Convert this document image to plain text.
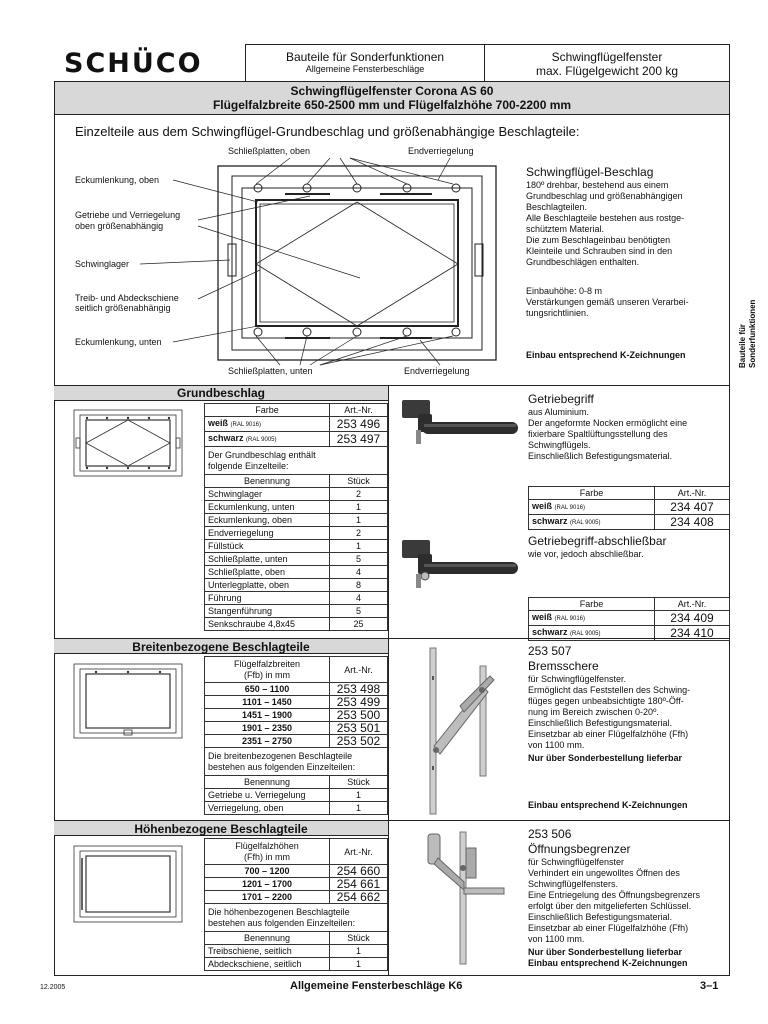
SCHÜCO	Bauteile für Sonderfunktionen
Allgemeine Fensterbeschläge
Schwingflügelfenster
max. Flügelgewicht 200 kg
Schwingflügelfenster Corona AS 60
Flügelfalzbreite 650-2500 mm und Flügelfalzhöhe 700-2200 mm
Einzelteile aus dem Schwingflügel-Grundbeschlag und größenabhängige Beschlagteile:
Schließplatten, oben	Endverriegelung
Eckumlenkung, oben
Getriebe und Verriegelung
oben größenabhängig
Schwinglager
Treib- und Abdeckschiene
seitlich größenabhängig
Eckumlenkung, unten
Schließplatten, unten	Endverriegelung
Schwingflügel-Beschlag
180º drehbar, bestehend aus einem
Grundbeschlag und größenabhängigen
Beschlagteilen.
Alle Beschlagteile bestehen aus rostge-
schütztem Material.
Die zum Beschlageinbau benötigten
Kleinteile und Schrauben sind in den
Grundbeschlägen enthalten.
Einbauhöhe: 0-8 m
Verstärkungen gemäß unseren Verarbei-
tungsrichtlinien.
Einbau entsprechend K-Zeichnungen	Bauteile für Sonderfunktionen
Grundbeschlag
Farbe	Art.-Nr.
weiß (RAL 9016)	253 496
schwarz (RAL 9005)	253 497

Der Grundbeschlag enthält
folgende Einzelteile:	

Benennung	Stück
Schwinglager	2
Eckumlenkung, unten	1
Eckumlenkung, oben	1
Endverriegelung	2
Füllstück	1
Schließplatte, unten	5
Schließplatte, oben	4
Unterlegplatte, oben	8
Führung	4
Stangenführung	5
Senkschraube 4,8x45	25
Breitenbezogene Beschlagteile
Flügelfalzbreiten
(Ffb) in mm	Art.-Nr.
650 – 1100	253 498
1101 – 1450	253 499
1451 – 1900	253 500
1901 – 2350	253 501
2351 – 2750	253 502

Die breitenbezogenen Beschlagteile
bestehen aus folgenden Einzelteilen:	

Benennung	Stück
Getriebe u. Verriegelung	1
Verriegelung, oben	1
Höhenbezogene Beschlagteile
Flügelfalzhöhen
(Ffh) in mm	Art.-Nr.
700 – 1200	254 660
1201 – 1700	254 661
1701 – 2200	254 662

Die höhenbezogenen Beschlagteile
bestehen aus folgenden Einzelteilen:	

Benennung	Stück
Treibschiene, seitlich	1
Abdeckschiene, seitlich	1
Getriebegriff
aus Aluminium.
Der angeformte Nocken ermöglicht eine
fixierbare Spaltlüftungsstellung des
Schwingflügels.
Einschließlich Befestigungsmaterial.
Farbe	Art.-Nr.
weiß (RAL 9016)	234 407
schwarz (RAL 9005)	234 408
Getriebegriff-abschließbar
wie vor, jedoch abschließbar.
Farbe	Art.-Nr.
weiß (RAL 9016)	234 409
schwarz (RAL 9005)	234 410
253 507
Bremsschere
für Schwingflügelfenster.
Ermöglicht das Feststellen des Schwing-
flüges gegen unbeabsichtigte 180º-Öff-
nung im Bereich zwischen 0-20º.
Einschließlich Befestigungsmaterial.
Einsetzbar ab einer Flügelfalzhöhe (Ffh)
von 1100 mm.
Nur über Sonderbestellung lieferbar
Einbau entsprechend K-Zeichnungen
253 506
Öffnungsbegrenzer
für Schwingflügelfenster
Verhindert ein ungewolltes Öffnen des
Schwingflügelfensters.
Eine Entriegelung des Öffnungsbegrenzers
erfolgt über den mitgelieferten Schlüssel.
Einschließlich Befestigungsmaterial.
Einsetzbar ab einer Flügelfalzhöhe (Ffh)
von 1100 mm.
Nur über Sonderbestellung lieferbar
Einbau entsprechend K-Zeichnungen
12.2005	Allgemeine Fensterbeschläge K6	3–1
